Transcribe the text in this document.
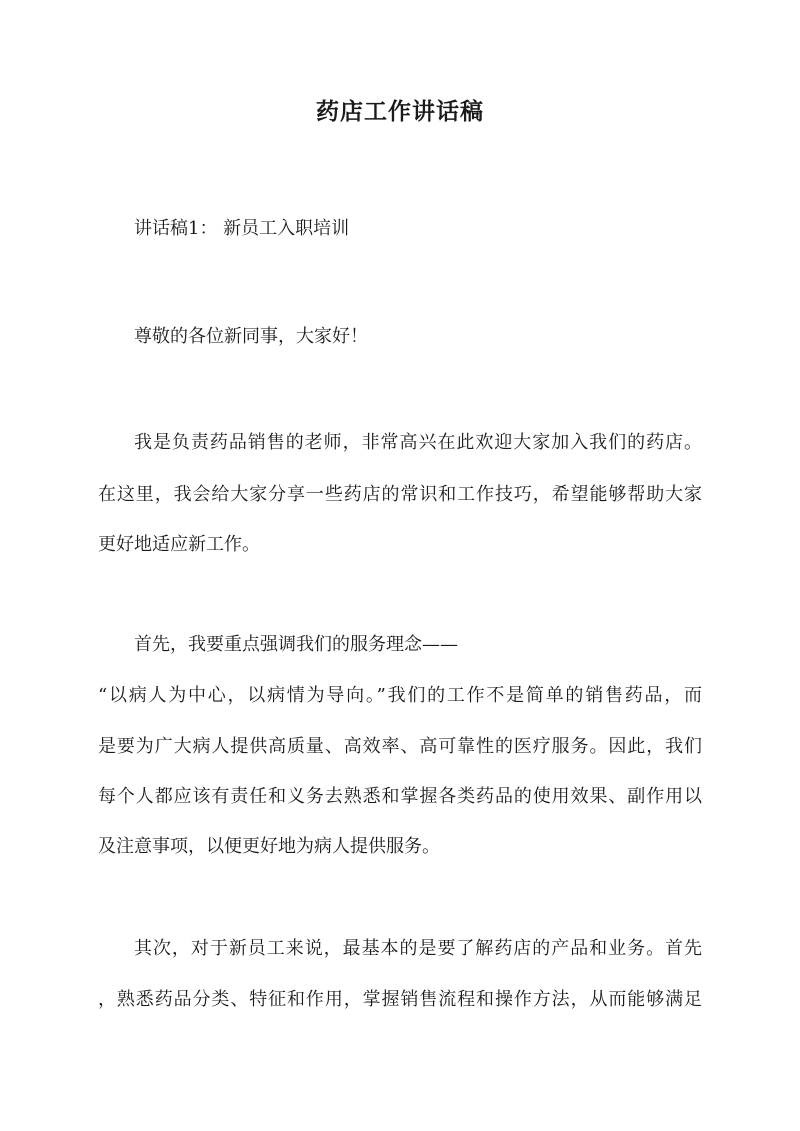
药店工作讲话稿
讲话稿1： 新员工入职培训
尊敬的各位新同事，大家好！
我是负责药品销售的老师，非常高兴在此欢迎大家加入我们的药店。
在这里，我会给大家分享一些药店的常识和工作技巧，希望能够帮助大家
更好地适应新工作。
首先，我要重点强调我们的服务理念——
“以病人为中心，以病情为导向。”我们的工作不是简单的销售药品，而
是要为广大病人提供高质量、高效率、高可靠性的医疗服务。因此，我们
每个人都应该有责任和义务去熟悉和掌握各类药品的使用效果、副作用以
及注意事项，以便更好地为病人提供服务。
其次，对于新员工来说，最基本的是要了解药店的产品和业务。首先
，熟悉药品分类、特征和作用，掌握销售流程和操作方法，从而能够满足
